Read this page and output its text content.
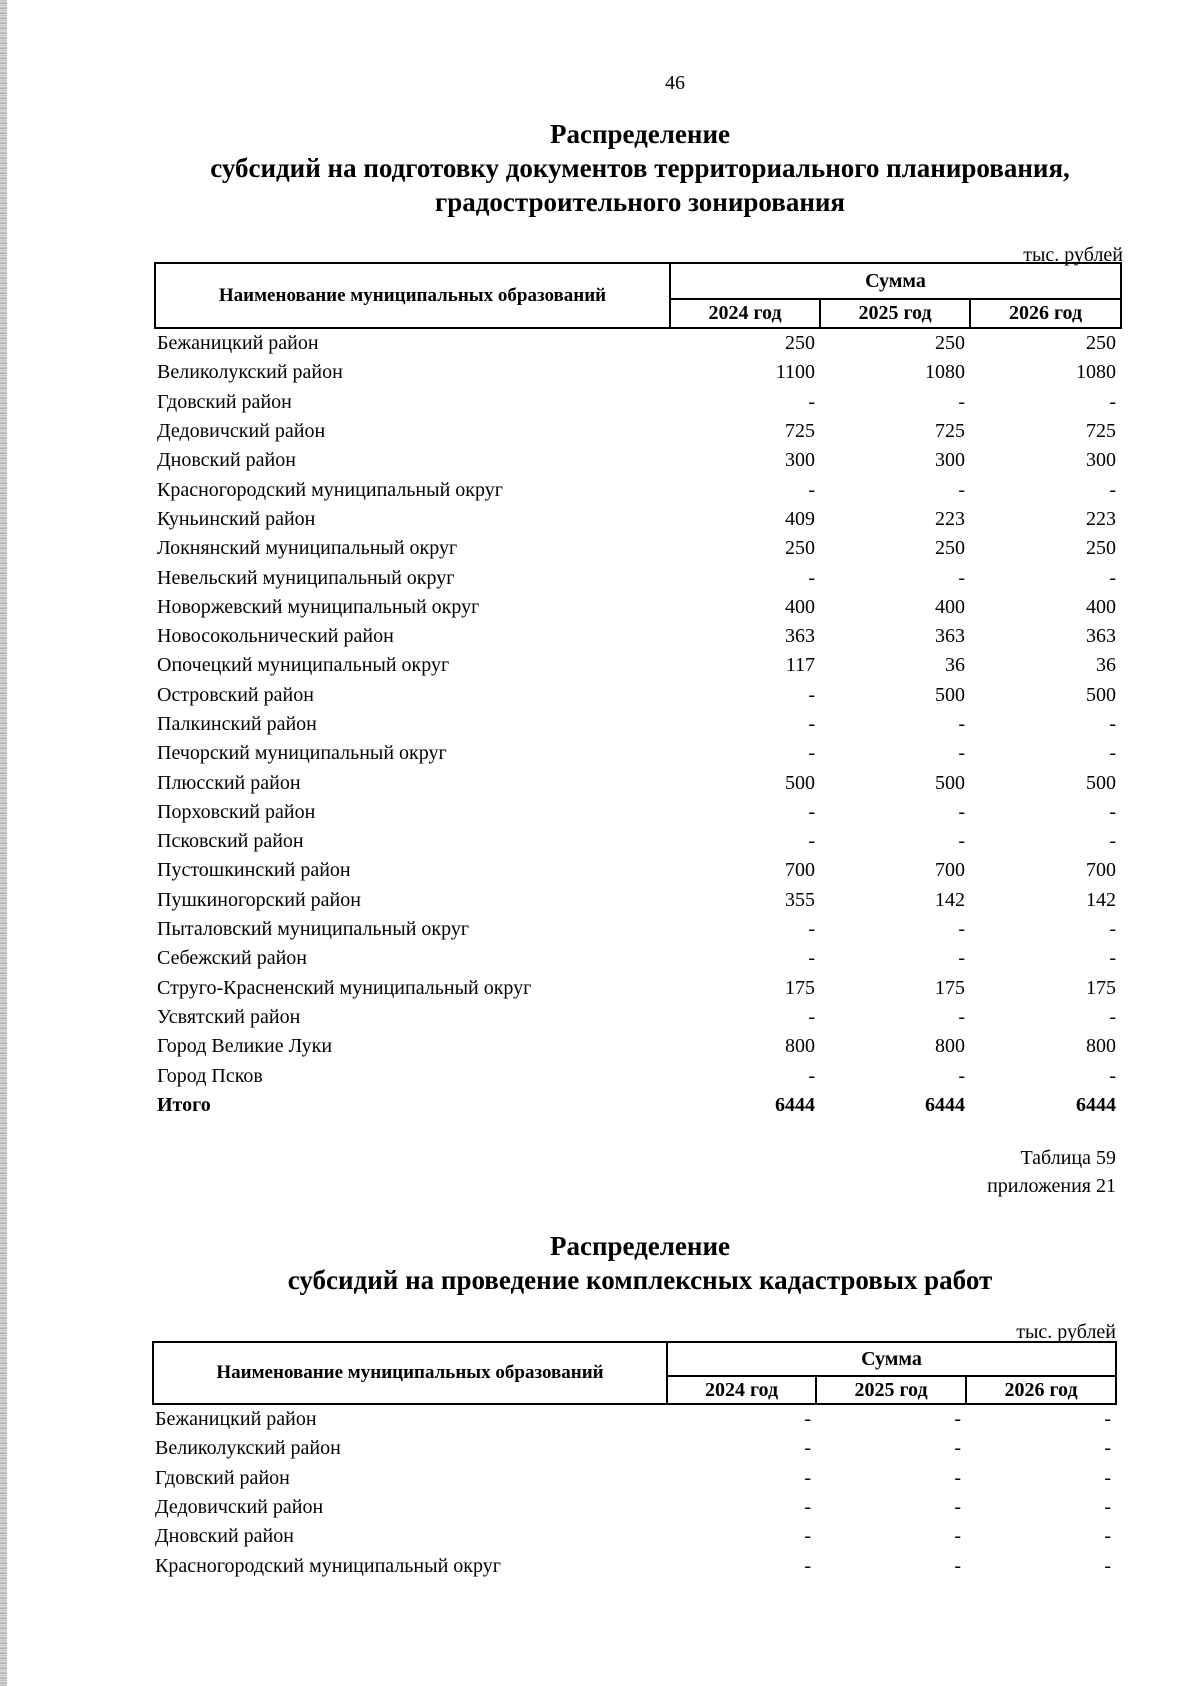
46
Распределение
субсидий на подготовку документов территориального планирования,
градостроительного зонирования
тыс. рублей
Наименование муниципальных образований	Сумма		
	2024 год	2025 год	2026 год
Бежаницкий район	250	250	250
Великолукский район	1100	1080	1080
Гдовский район	-	-	-
Дедовичский район	725	725	725
Дновский район	300	300	300
Красногородский муниципальный округ	-	-	-
Куньинский район	409	223	223
Локнянский муниципальный округ	250	250	250
Невельский муниципальный округ	-	-	-
Новоржевский муниципальный округ	400	400	400
Новосокольнический район	363	363	363
Опочецкий муниципальный округ	117	36	36
Островский район	-	500	500
Палкинский район	-	-	-
Печорский муниципальный округ	-	-	-
Плюсский район	500	500	500
Порховский район	-	-	-
Псковский район	-	-	-
Пустошкинский район	700	700	700
Пушкиногорский район	355	142	142
Пыталовский муниципальный округ	-	-	-
Себежский район	-	-	-
Струго-Красненский муниципальный округ	175	175	175
Усвятский район	-	-	-
Город Великие Луки	800	800	800
Город Псков	-	-	-
Итого	6444	6444	6444
Таблица 59
приложения 21
Распределение
субсидий на проведение комплексных кадастровых работ
тыс. рублей
Наименование муниципальных образований	Сумма		
	2024 год	2025 год	2026 год
Бежаницкий район	-	-	-
Великолукский район	-	-	-
Гдовский район	-	-	-
Дедовичский район	-	-	-
Дновский район	-	-	-
Красногородский муниципальный округ	-	-	-
